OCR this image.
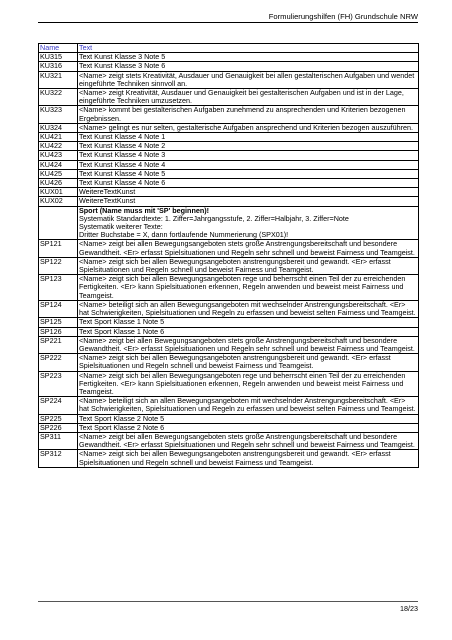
Formulierungshilfen (FH) Grundschule NRW
Name	Text
KU315	Text Kunst Klasse 3 Note 5
KU316	Text Kunst Klasse 3 Note 6
KU321	<Name> zeigt stets Kreativität, Ausdauer und Genauigkeit bei allen gestalterischen Aufgaben und wendet eingeführte Techniken sinnvoll an.
KU322	<Name> zeigt Kreativität, Ausdauer und Genauigkeit bei gestalterischen Aufgaben und ist in der Lage, eingeführte Techniken umzusetzen.
KU323	<Name> kommt bei gestalterischen Aufgaben zunehmend zu ansprechenden und Kriterien bezogenen Ergebnissen.
KU324	<Name> gelingt es nur selten, gestalterische Aufgaben ansprechend und Kriterien bezogen auszuführen.
KU421	Text Kunst Klasse 4 Note 1
KU422	Text Kunst Klasse 4 Note 2
KU423	Text Kunst Klasse 4 Note 3
KU424	Text Kunst Klasse 4 Note 4
KU425	Text Kunst Klasse 4 Note 5
KU426	Text Kunst Klasse 4 Note 6
KUX01	WeitereTextKunst
KUX02	WeitereTextKunst

	Sport (Name muss mit 'SP' beginnen)!
Systematik Standardtexte: 1. Ziffer=Jahrgangsstufe, 2. Ziffer=Halbjahr, 3. Ziffer=Note
Systematik weiterer Texte:
Dritter Buchstabe = X, dann fortlaufende Nummerierung (SPX01)!

SP121	<Name> zeigt bei allen Bewegungsangeboten stets große Anstrengungsbereitschaft und besondere Gewandtheit. <Er> erfasst Spielsituationen und Regeln sehr schnell und beweist Fairness und Teamgeist.
SP122	<Name> zeigt sich bei allen Bewegungsangeboten anstrengungsbereit und gewandt. <Er> erfasst Spielsituationen und Regeln schnell und beweist Fairness und Teamgeist.
SP123	<Name> zeigt sich bei allen Bewegungsangeboten rege und beherrscht einen Teil der zu erreichenden Fertigkeiten. <Er> kann Spielsituationen erkennen, Regeln anwenden und beweist meist Fairness und Teamgeist.
SP124	<Name> beteiligt sich an allen Bewegungsangeboten mit wechselnder Anstrengungsbereitschaft. <Er> hat Schwierigkeiten, Spielsituationen und Regeln zu erfassen und beweist selten Fairness und Teamgeist.
SP125	Text Sport Klasse 1 Note 5
SP126	Text Sport Klasse 1 Note 6
SP221	<Name> zeigt bei allen Bewegungsangeboten stets große Anstrengungsbereitschaft und besondere Gewandtheit. <Er> erfasst Spielsituationen und Regeln sehr schnell und beweist Fairness und Teamgeist.
SP222	<Name> zeigt sich bei allen Bewegungsangeboten anstrengungsbereit und gewandt. <Er> erfasst Spielsituationen und Regeln schnell und beweist Fairness und Teamgeist.
SP223	<Name> zeigt sich bei allen Bewegungsangeboten rege und beherrscht einen Teil der zu erreichenden Fertigkeiten. <Er> kann Spielsituationen erkennen, Regeln anwenden und beweist meist Fairness und Teamgeist.
SP224	<Name> beteiligt sich an allen Bewegungsangeboten mit wechselnder Anstrengungsbereitschaft. <Er> hat Schwierigkeiten, Spielsituationen und Regeln zu erfassen und beweist selten Fairness und Teamgeist.
SP225	Text Sport Klasse 2 Note 5
SP226	Text Sport Klasse 2 Note 6
SP311	<Name> zeigt bei allen Bewegungsangeboten stets große Anstrengungsbereitschaft und besondere Gewandtheit. <Er> erfasst Spielsituationen und Regeln sehr schnell und beweist Fairness und Teamgeist.
SP312	<Name> zeigt sich bei allen Bewegungsangeboten anstrengungsbereit und gewandt. <Er> erfasst Spielsituationen und Regeln schnell und beweist Fairness und Teamgeist.
18/23
